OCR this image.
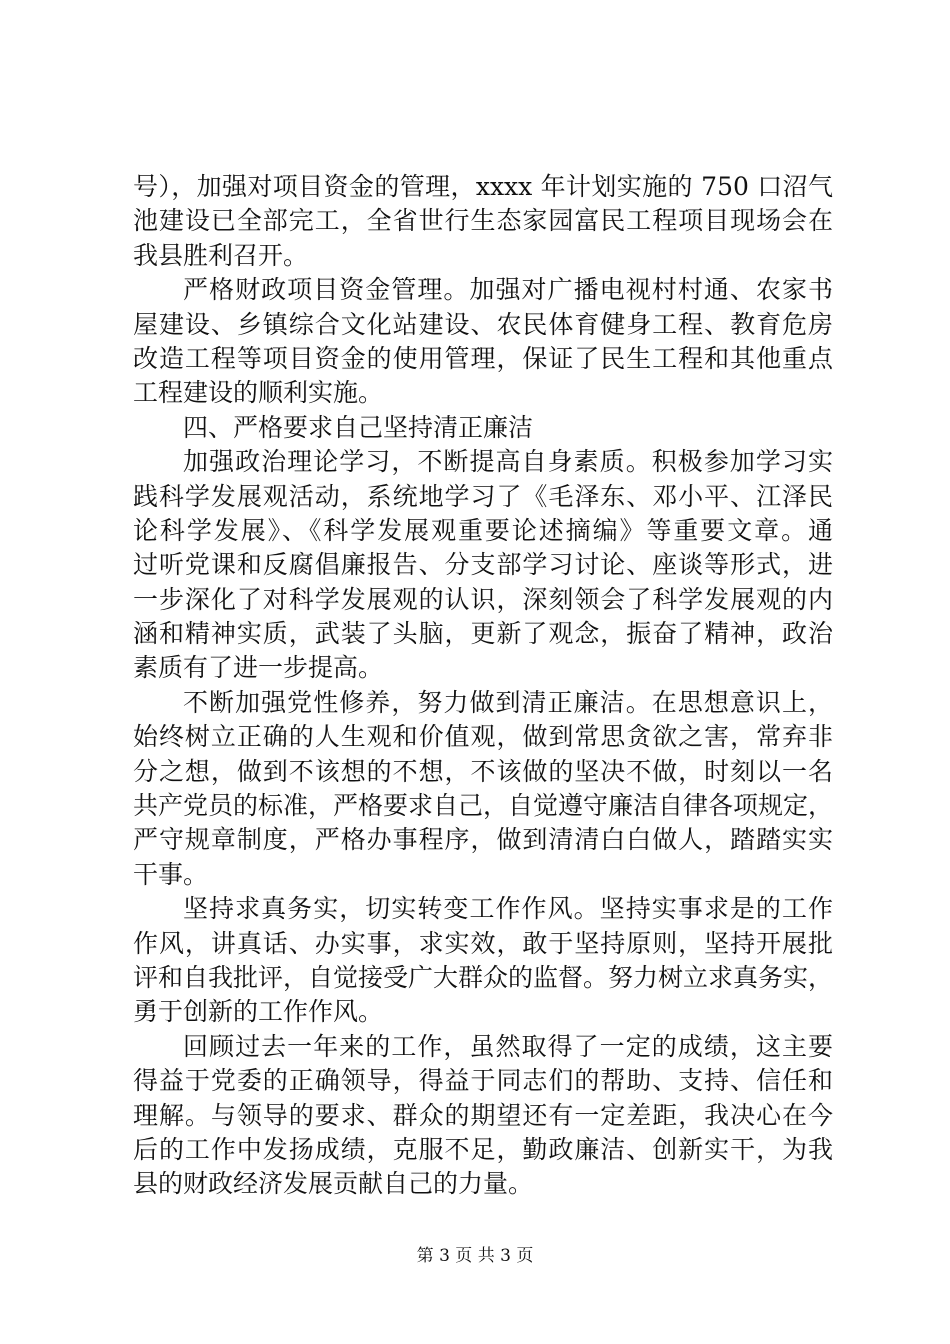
号），加强对项目资金的管理，xxxx 年计划实施的 750 口沼气
池建设已全部完工，全省世行生态家园富民工程项目现场会在
我县胜利召开。
严格财政项目资金管理。加强对广播电视村村通、农家书
屋建设、乡镇综合文化站建设、农民体育健身工程、教育危房
改造工程等项目资金的使用管理，保证了民生工程和其他重点
工程建设的顺利实施。
四、严格要求自己坚持清正廉洁
加强政治理论学习，不断提高自身素质。积极参加学习实
践科学发展观活动，系统地学习了《毛泽东、邓小平、江泽民
论科学发展》、《科学发展观重要论述摘编》等重要文章。通
过听党课和反腐倡廉报告、分支部学习讨论、座谈等形式，进
一步深化了对科学发展观的认识，深刻领会了科学发展观的内
涵和精神实质，武装了头脑，更新了观念，振奋了精神，政治
素质有了进一步提高。
不断加强党性修养，努力做到清正廉洁。在思想意识上，
始终树立正确的人生观和价值观，做到常思贪欲之害，常弃非
分之想，做到不该想的不想，不该做的坚决不做，时刻以一名
共产党员的标准，严格要求自己，自觉遵守廉洁自律各项规定，
严守规章制度，严格办事程序，做到清清白白做人，踏踏实实
干事。
坚持求真务实，切实转变工作作风。坚持实事求是的工作
作风，讲真话、办实事，求实效，敢于坚持原则，坚持开展批
评和自我批评，自觉接受广大群众的监督。努力树立求真务实，
勇于创新的工作作风。
回顾过去一年来的工作，虽然取得了一定的成绩，这主要
得益于党委的正确领导，得益于同志们的帮助、支持、信任和
理解。与领导的要求、群众的期望还有一定差距，我决心在今
后的工作中发扬成绩，克服不足，勤政廉洁、创新实干，为我
县的财政经济发展贡献自己的力量。
第 3 页 共 3 页
